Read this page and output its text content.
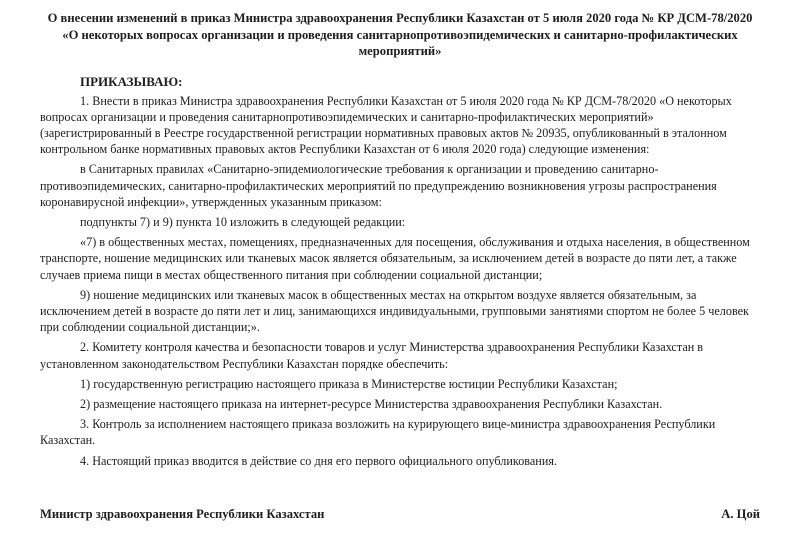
О внесении изменений в приказ Министра здравоохранения Республики Казахстан от 5 июля 2020 года № КР ДСМ-78/2020 «О некоторых вопросах организации и проведения санитарнопротивоэпидемических и санитарно-профилактических мероприятий»
ПРИКАЗЫВАЮ:

1. Внести в приказ Министра здравоохранения Республики Казахстан от 5 июля 2020 года № КР ДСМ-78/2020 «О некоторых вопросах организации и проведения санитарнопротивоэпидемических и санитарно-профилактических мероприятий» (зарегистрированный в Реестре государственной регистрации нормативных правовых актов № 20935, опубликованный в эталонном контрольном банке нормативных правовых актов Республики Казахстан от 6 июля 2020 года) следующие изменения:

в Санитарных правилах «Санитарно-эпидемиологические требования к организации и проведению санитарно-противоэпидемических, санитарно-профилактических мероприятий по предупреждению возникновения угрозы распространения коронавирусной инфекции», утвержденных указанным приказом:

подпункты 7) и 9) пункта 10 изложить в следующей редакции:

«7) в общественных местах, помещениях, предназначенных для посещения, обслуживания и отдыха населения, в общественном транспорте, ношение медицинских или тканевых масок является обязательным, за исключением детей в возрасте до пяти лет, а также случаев приема пищи в местах общественного питания при соблюдении социальной дистанции;

9) ношение медицинских или тканевых масок в общественных местах на открытом воздухе является обязательным, за исключением детей в возрасте до пяти лет и лиц, занимающихся индивидуальными, групповыми занятиями спортом не более 5 человек при соблюдении социальной дистанции;».

2. Комитету контроля качества и безопасности товаров и услуг Министерства здравоохранения Республики Казахстан в установленном законодательством Республики Казахстан порядке обеспечить:

1) государственную регистрацию настоящего приказа в Министерстве юстиции Республики Казахстан;

2) размещение настоящего приказа на интернет-ресурсе Министерства здравоохранения Республики Казахстан.

3. Контроль за исполнением настоящего приказа возложить на курирующего вице-министра здравоохранения Республики Казахстан.

4. Настоящий приказ вводится в действие со дня его первого официального опубликования.

Министр здравоохранения Республики Казахстан	А. Цой
